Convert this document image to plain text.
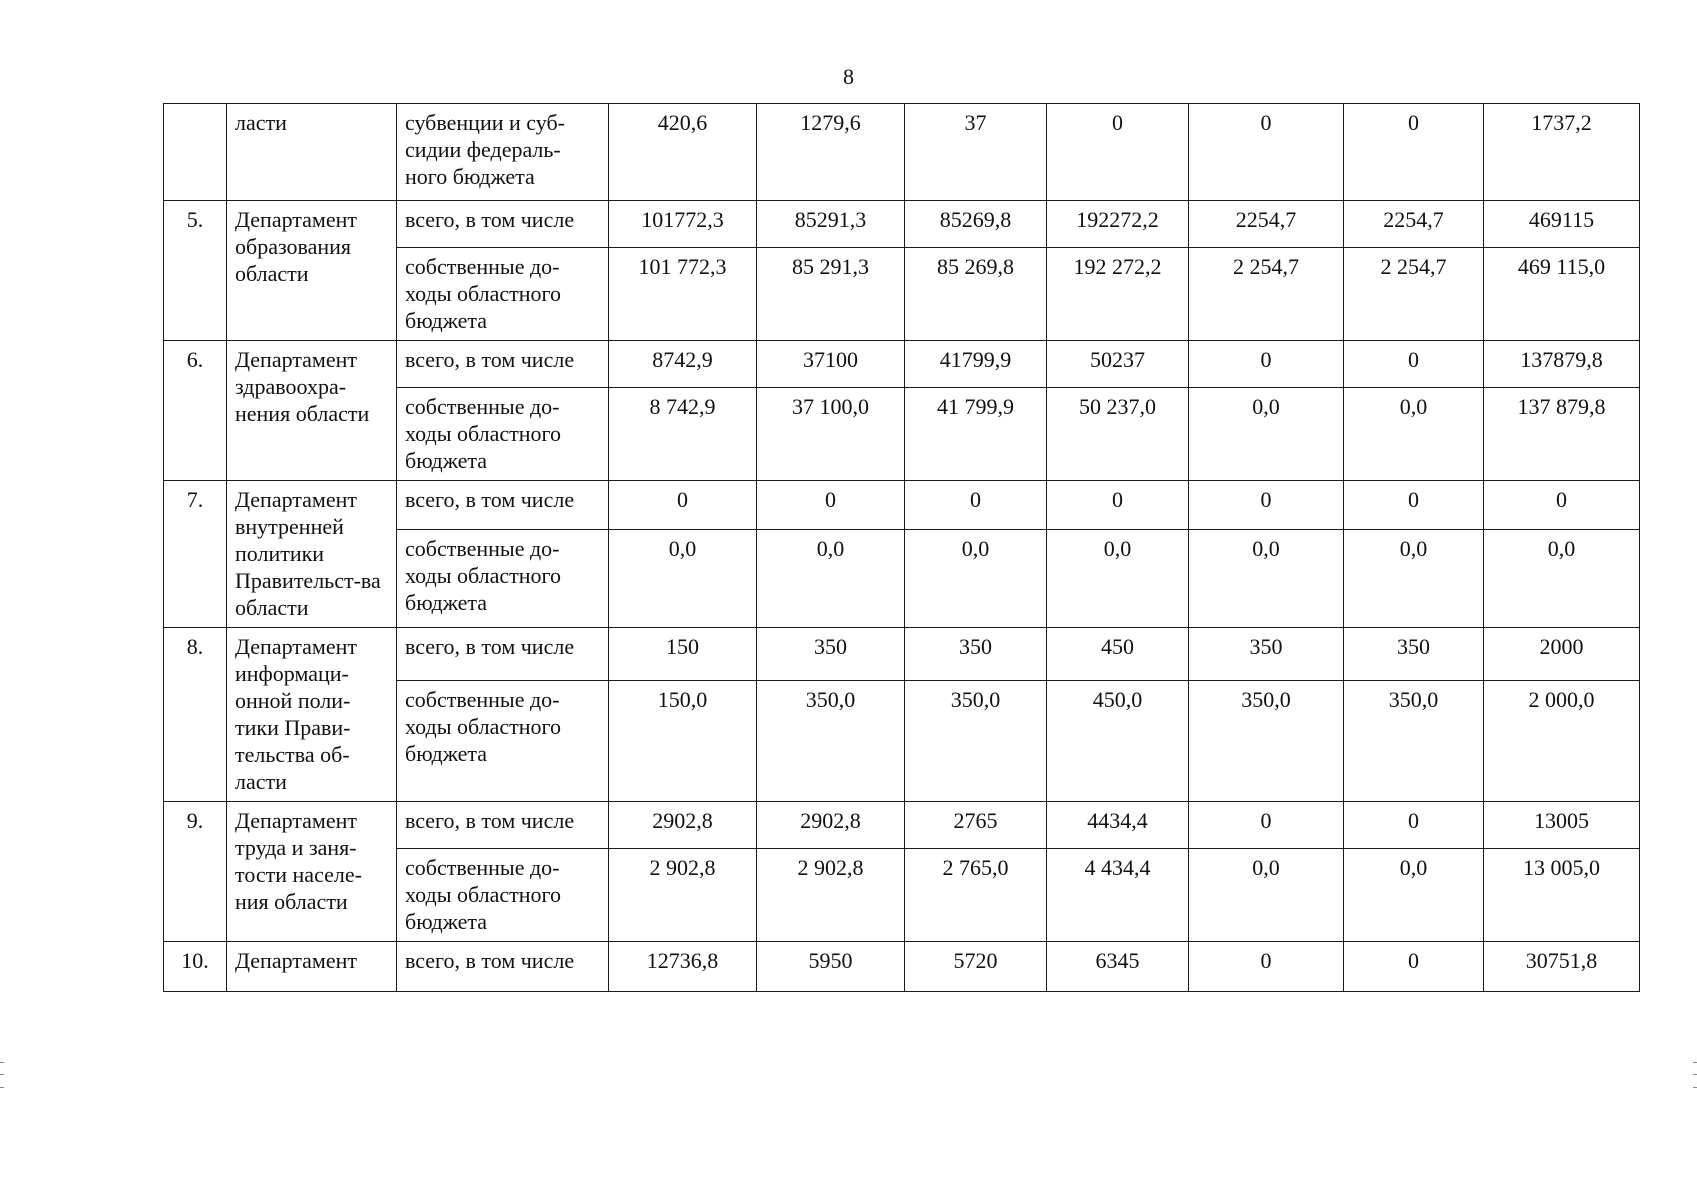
8
	ласти	субвенции и суб-сидии федераль-ного бюджета	420,6	1279,6	37	0	0	0	1737,2
5.	Департамент образования области	всего, в том числе	101772,3	85291,3	85269,8	192272,2	2254,7	2254,7	469115
		собственные до-ходы областного бюджета	101 772,3	85 291,3	85 269,8	192 272,2	2 254,7	2 254,7	469 115,0
6.	Департамент здравоохра-нения области	всего, в том числе	8742,9	37100	41799,9	50237	0	0	137879,8
		собственные до-ходы областного бюджета	8 742,9	37 100,0	41 799,9	50 237,0	0,0	0,0	137 879,8
7.	Департамент внутренней политики Правительст-ва области	всего, в том числе	0	0	0	0	0	0	0
		собственные до-ходы областного бюджета	0,0	0,0	0,0	0,0	0,0	0,0	0,0
8.	Департамент информаци-онной поли-тики Прави-тельства об-ласти	всего, в том числе	150	350	350	450	350	350	2000
		собственные до-ходы областного бюджета	150,0	350,0	350,0	450,0	350,0	350,0	2 000,0
9.	Департамент труда и заня-тости населе-ния области	всего, в том числе	2902,8	2902,8	2765	4434,4	0	0	13005
		собственные до-ходы областного бюджета	2 902,8	2 902,8	2 765,0	4 434,4	0,0	0,0	13 005,0
10.	Департамент	всего, в том числе	12736,8	5950	5720	6345	0	0	30751,8
